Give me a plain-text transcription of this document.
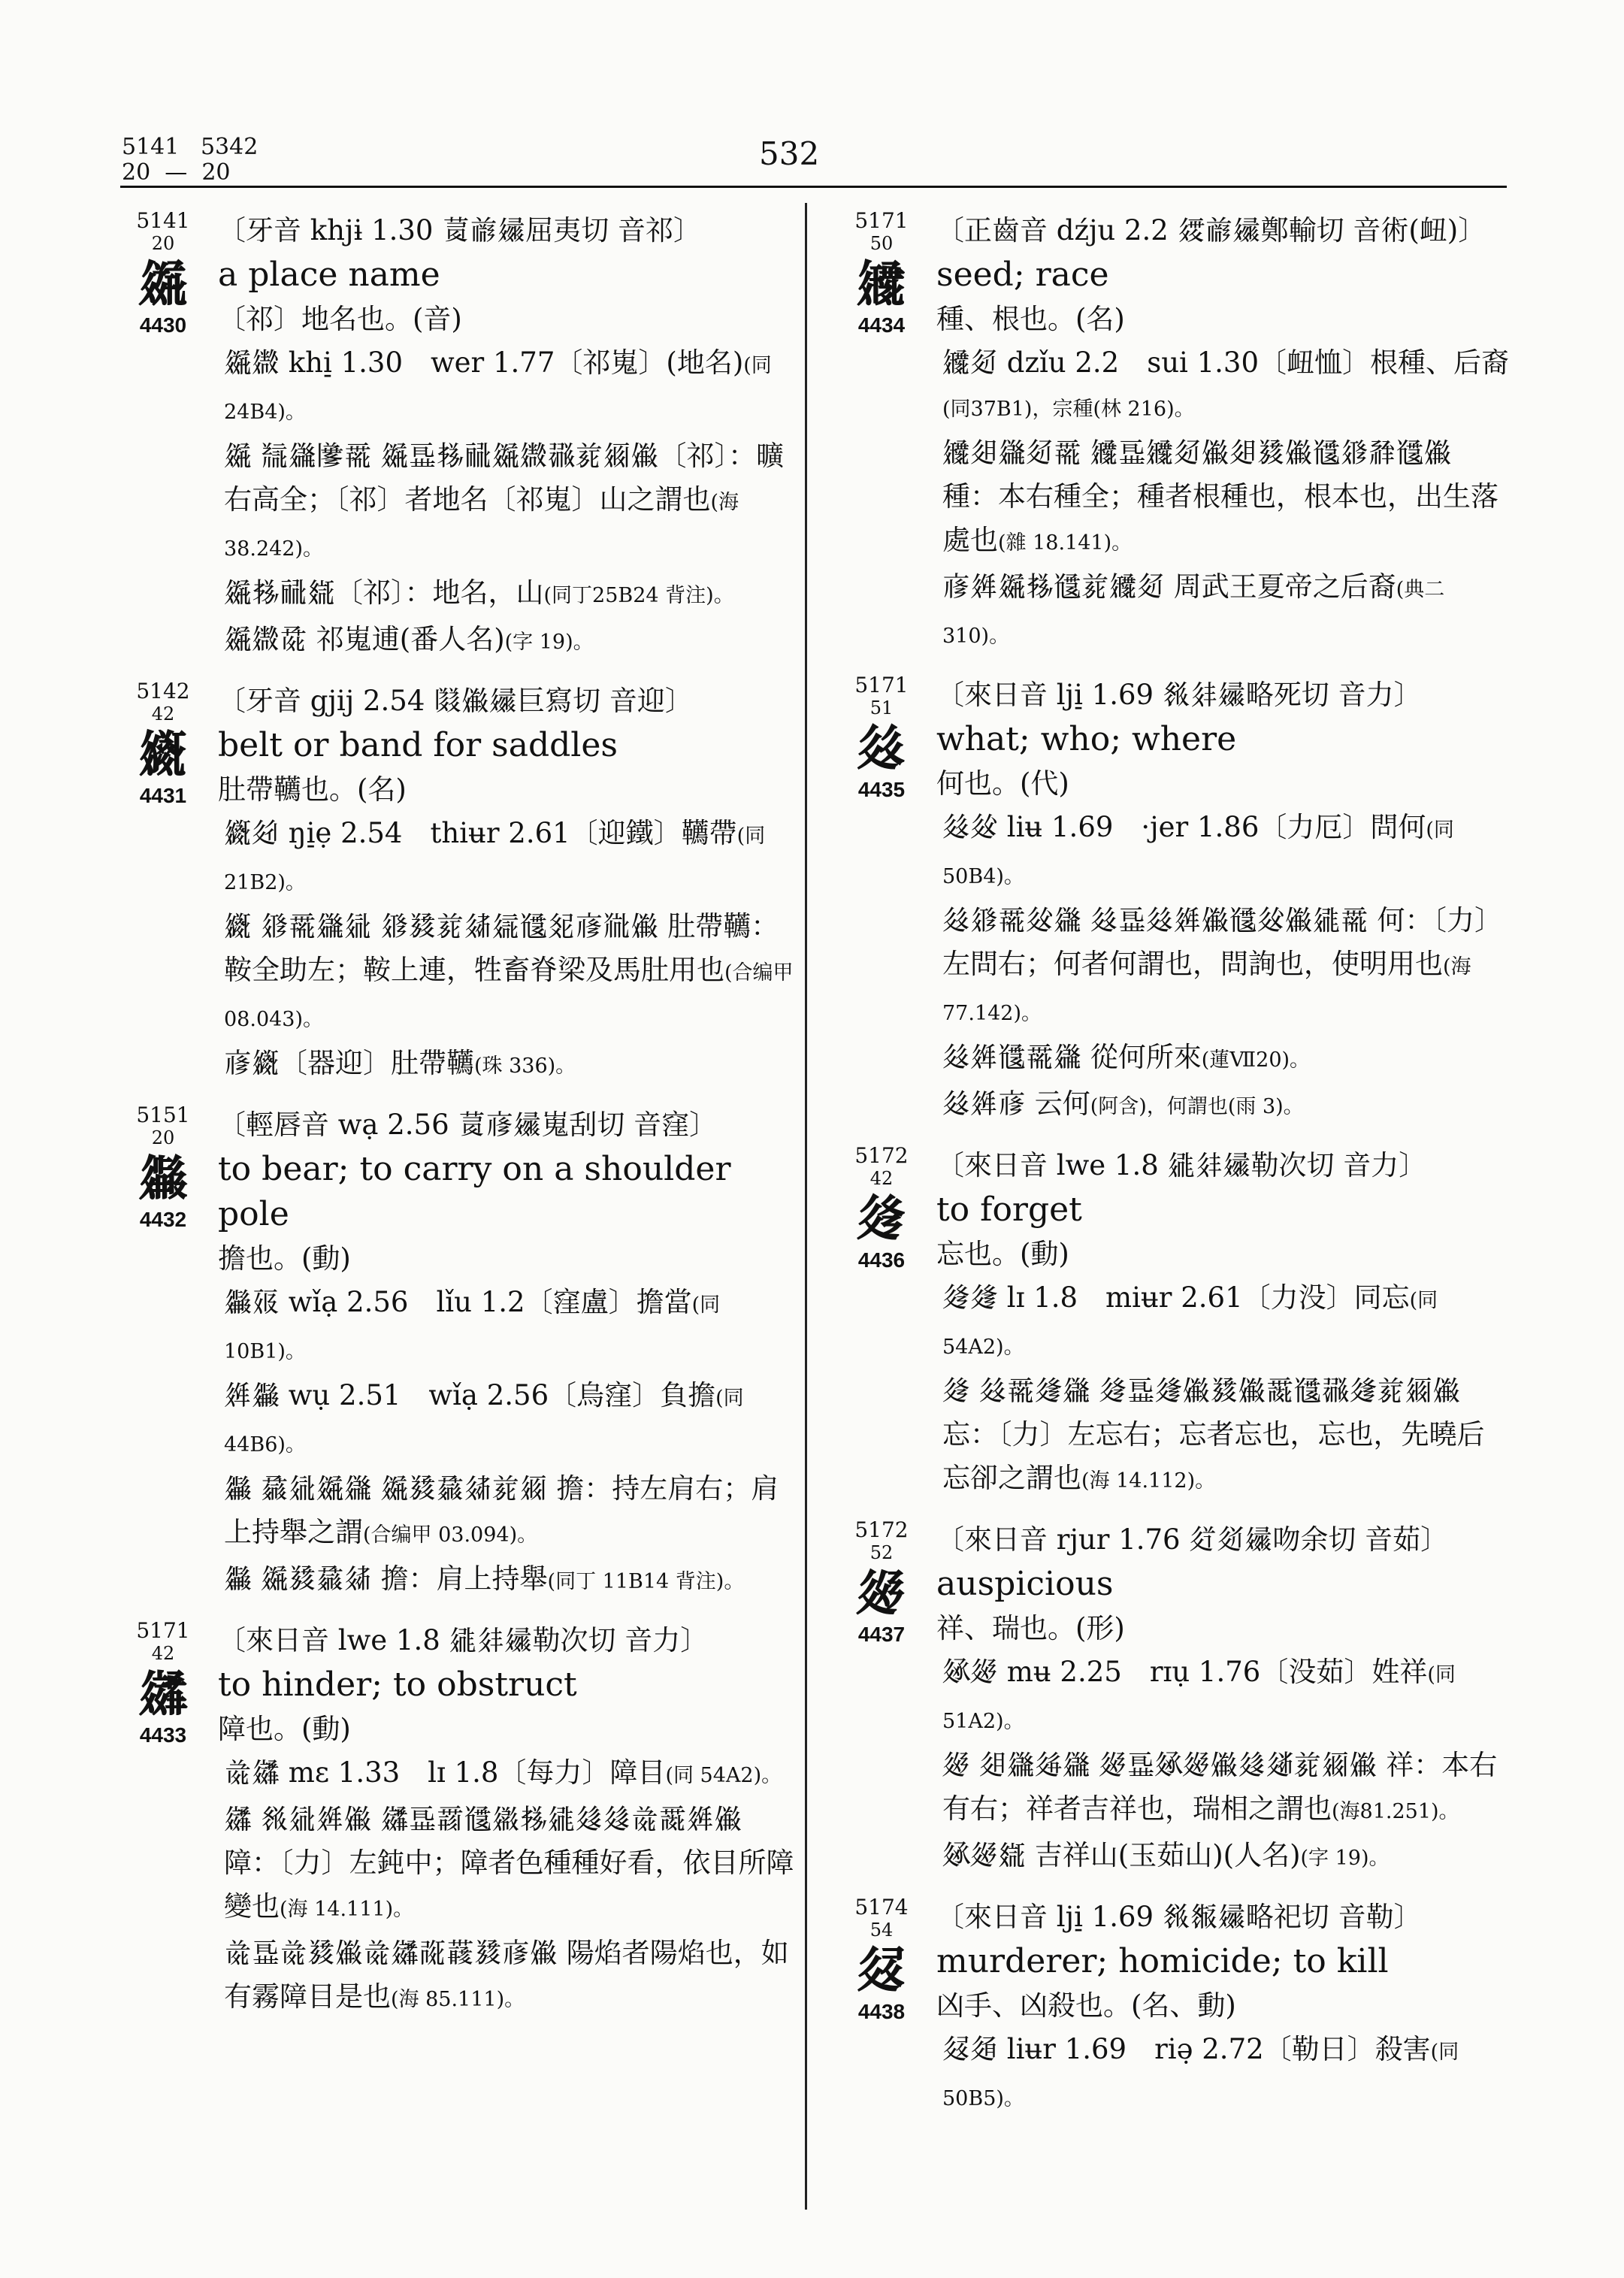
5141   5342
20  —  20
532
5141
20
𗫟
4430
〔牙音 khjɨ 1.30 𗍨𗑗𗫐屈夷切 音祁〕
a place name
〔祁〕地名也。(音)
𗫟𗪾 khi̠ 1.30　wer 1.77〔祁嵬〕(地名)(同24B4)。
𗫟 𘃨𗫈𗂳𗵃 𗫟𘞗𗈪𗟻𗫟𗪾𗖻𗐱𗥃𗏹〔祁〕：曠右高全；〔祁〕者地名〔祁嵬〕山之謂也(海 38.242)。
𗫟𗈪𗟻𗿀〔祁〕：地名，山(同丁25B24 背注)。
𗫟𗪾𗱕 祁嵬逋(番人名)(字 19)。
5142
42
𗫪
4431
〔牙音 gjij 2.54 𗂸𗏹𗫐巨寫切 音迎〕
belt or band for saddles
肚帶韉也。(名)
𗫪𗫳 ŋi̠ẹ 2.54　thiʉr 2.61〔迎鐵〕韉帶(同21B2)。
𗫪 𗤁𗵃𗫈𗣼 𗤁𗯿𗐱𗣅𗦇𗯈𗾏𗇋𗮅𗏹 肚帶韉：鞍全助左；鞍上連，牲畜脊梁及馬肚用也(合编甲 08.043)。
𗇋𗫪〔器迎〕肚帶韉(珠 336)。
5151
20
𗫬
4432
〔輕唇音 wạ 2.56 𗍨𗇋𗫐嵬刮切 音窪〕
to bear; to carry on a shoulder pole
擔也。(動)
𗫬𗡞 wǐạ 2.56　lǐu 1.2〔窪盧〕擔當(同 10B1)。
𗤶𗫬 wụ 2.51　wǐạ 2.56〔烏窪〕負擔(同44B6)。
𗫬 𗲠𗣼𗫟𗫈 𗫟𗯿𗲠𗣅𗐱𗥃 擔：持左肩右；肩上持舉之謂(合编甲 03.094)。
𗫬 𗫟𗯿𗲠𗣅 擔：肩上持舉(同丁 11B14 背注)。
5171
42
𗫮
4433
〔來日音 lwe 1.8 𗧓𗢳𗫐勒次切 音力〕
to hinder; to obstruct
障也。(動)
𗯨𗫮 mɛ 1.33　lɪ 1.8〔每力〕障目(同 54A2)。
𗫮 𗬩𗣼𗤶𗏹 𗫮𘞗𗵆𗯈𗫉𗈪𗧓𗫽𗫽𗯨𗵘𗤶𗏹 障：〔力〕左鈍中；障者色種種好看，依目所障變也(海 14.111)。
𗯨𘞗𗯨𗯿𗏹𗯨𗫮𗰞𗞞𗯿𗇋𗏹 陽焰者陽焰也，如有霧障目是也(海 85.111)。
5171
50
𗫰
4434
〔正齒音 dźju 2.2 𗦊𗑗𗫐鄭輸切 音術(衄)〕
seed; race
種、根也。(名)
𗫰𗫱 dzǐu 2.2　sui 1.30〔衄恤〕根種、后裔(同37B1)，宗種(林 216)。
𗫰𗫲𗫈𗫱𗵃 𗫰𘞗𗫰𗫱𗏹𗫲𗯿𗏹𗯈𗤁𗴂𗯈𗏹 種：本右種全；種者根種也，根本也，出生落處也(雜 18.141)。
𗇋𗤶𗫟𗈪𗯈𗐱𗫰𗫱 周武王夏帝之后裔(典二310)。
5171
51
𗫴
4435
〔來日音 lji̠ 1.69 𗬩𗢳𗫐略死切 音力〕
what; who; where
何也。(代)
𗫴𗫵 liʉ 1.69　·jer 1.86〔力厄〕問何(同 50B4)。
𗫴𗤁𗵃𗫵𗫈 𗫴𘞗𗫴𗤶𗏹𗯈𗫵𗏹𗧓𗵃 何：〔力〕左問右；何者何謂也，問詢也，使明用也(海 77.142)。
𗫴𗤶𗯈𗵃𗫈 從何所來(蓮Ⅶ20)。
𗫴𗤶𗇋 云何(阿含)，何謂也(雨 3)。
5172
42
𗫶
4436
〔來日音 lwe 1.8 𗧓𗢳𗫐勒次切 音力〕
to forget
忘也。(動)
𗫶𗫷 lɪ 1.8　miʉr 2.61〔力没〕同忘(同 54A2)。
𗫶 𗫴𗵃𗫷𗫈 𗫶𘞗𗫷𗏹𗯿𗏹𗵘𗯈𗖻𗫷𗐱𗥃𗏹 忘：〔力〕左忘右；忘者忘也，忘也，先曉后忘卻之謂也(海 14.112)。
5172
52
𗫸
4437
〔來日音 rjur 1.76 𗫹𗫺𗫐吻余切 音茹〕
auspicious
祥、瑞也。(形)
𗫻𗫸 mʉ 2.25　rɪụ 1.76〔没茹〕姓祥(同 51A2)。
𗫸 𗫲𗫈𗫼𗫈 𗫸𘞗𗫻𗫸𗏹𗫽𗫾𗐱𗥃𗏹 祥：本右有右；祥者吉祥也，瑞相之謂也(海81.251)。
𗫻𗫸𗿀 吉祥山(玉茹山)(人名)(字 19)。
5174
54
𗫿
4438
〔來日音 lji̠ 1.69 𗬩𗬪𗫐略祀切 音勒〕
murderer; homicide; to kill
凶手、凶殺也。(名、動)
𗫿𗬀 liʉr 1.69　riə̣ 2.72〔勒日〕殺害(同 50B5)。
